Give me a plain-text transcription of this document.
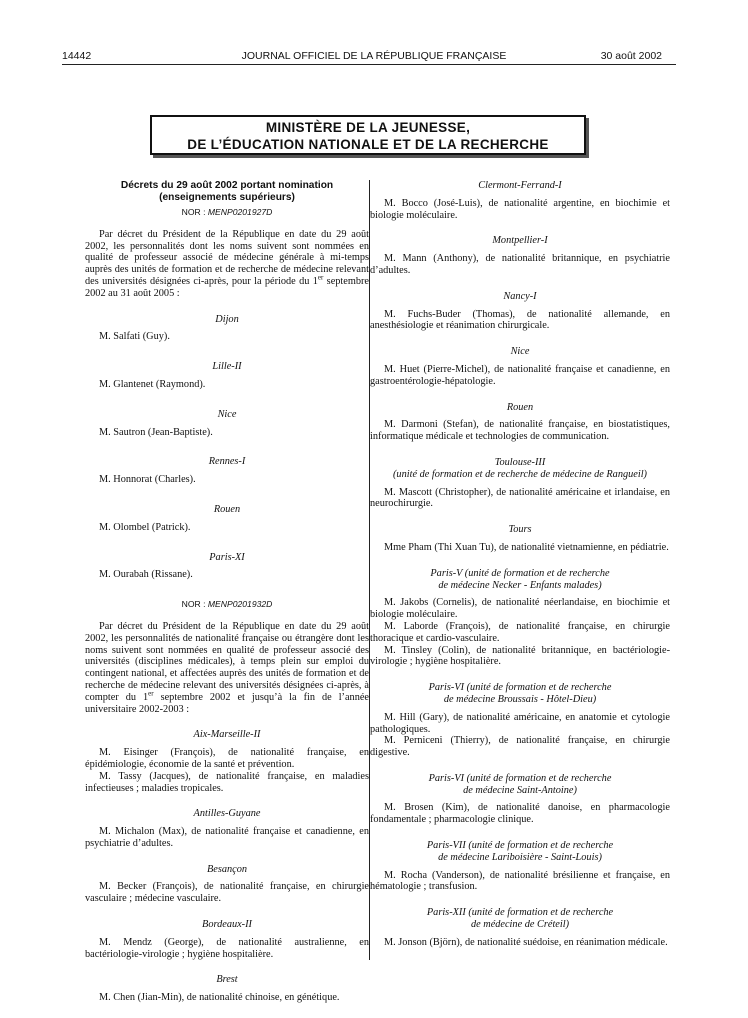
14442	JOURNAL OFFICIEL DE LA RÉPUBLIQUE FRANÇAISE	30 août 2002
MINISTÈRE DE LA JEUNESSE,
DE L’ÉDUCATION NATIONALE ET DE LA RECHERCHE
Décrets du 29 août 2002 portant nomination
(enseignements supérieurs)
NOR : MENP0201927D

Par décret du Président de la République en date du 29 août 2002, les personnalités dont les noms suivent sont nommées en qualité de professeur associé de médecine générale à mi-temps auprès des unités de formation et de recherche de médecine relevant des universités désignées ci-après, pour la période du 1er septembre 2002 au 31 août 2005 :

Dijon
M. Salfati (Guy).
Lille-II
M. Glantenet (Raymond).
Nice
M. Sautron (Jean-Baptiste).
Rennes-I
M. Honnorat (Charles).
Rouen
M. Olombel (Patrick).
Paris-XI
M. Ourabah (Rissane).
NOR : MENP0201932D

Par décret du Président de la République en date du 29 août 2002, les personnalités de nationalité française ou étrangère dont les noms suivent sont nommées en qualité de professeur associé des universités (disciplines médicales), à temps plein sur emploi du contingent national, et affectées auprès des unités de formation et de recherche de médecine relevant des universités désignées ci-après, à compter du 1er septembre 2002 et jusqu’à la fin de l’année universitaire 2002-2003 :

Aix-Marseille-II
M. Eisinger (François), de nationalité française, en épidémiologie, économie de la santé et prévention.
M. Tassy (Jacques), de nationalité française, en maladies infectieuses ; maladies tropicales.
Antilles-Guyane
M. Michalon (Max), de nationalité française et canadienne, en psychiatrie d’adultes.
Besançon
M. Becker (François), de nationalité française, en chirurgie vasculaire ; médecine vasculaire.
Bordeaux-II
M. Mendz (George), de nationalité australienne, en bactériologie-virologie ; hygiène hospitalière.
Brest
M. Chen (Jian-Min), de nationalité chinoise, en génétique.
Clermont-Ferrand-I
M. Bocco (José-Luis), de nationalité argentine, en biochimie et biologie moléculaire.
Montpellier-I
M. Mann (Anthony), de nationalité britannique, en psychiatrie d’adultes.
Nancy-I
M. Fuchs-Buder (Thomas), de nationalité allemande, en anesthésiologie et réanimation chirurgicale.
Nice
M. Huet (Pierre-Michel), de nationalité française et canadienne, en gastroentérologie-hépatologie.
Rouen
M. Darmoni (Stefan), de nationalité française, en biostatistiques, informatique médicale et technologies de communication.
Toulouse-III
(unité de formation et de recherche de médecine de Rangueil)
M. Mascott (Christopher), de nationalité américaine et irlandaise, en neurochirurgie.
Tours
Mme Pham (Thi Xuan Tu), de nationalité vietnamienne, en pédiatrie.
Paris-V (unité de formation et de recherche
de médecine Necker - Enfants malades)
M. Jakobs (Cornelis), de nationalité néerlandaise, en biochimie et biologie moléculaire.
M. Laborde (François), de nationalité française, en chirurgie thoracique et cardio-vasculaire.
M. Tinsley (Colin), de nationalité britannique, en bactériologie-virologie ; hygiène hospitalière.
Paris-VI (unité de formation et de recherche
de médecine Broussais - Hôtel-Dieu)
M. Hill (Gary), de nationalité américaine, en anatomie et cytologie pathologiques.
M. Perniceni (Thierry), de nationalité française, en chirurgie digestive.
Paris-VI (unité de formation et de recherche
de médecine Saint-Antoine)
M. Brosen (Kim), de nationalité danoise, en pharmacologie fondamentale ; pharmacologie clinique.
Paris-VII (unité de formation et de recherche
de médecine Lariboisière - Saint-Louis)
M. Rocha (Vanderson), de nationalité brésilienne et française, en hématologie ; transfusion.
Paris-XII (unité de formation et de recherche
de médecine de Créteil)
M. Jonson (Björn), de nationalité suédoise, en réanimation médicale.
